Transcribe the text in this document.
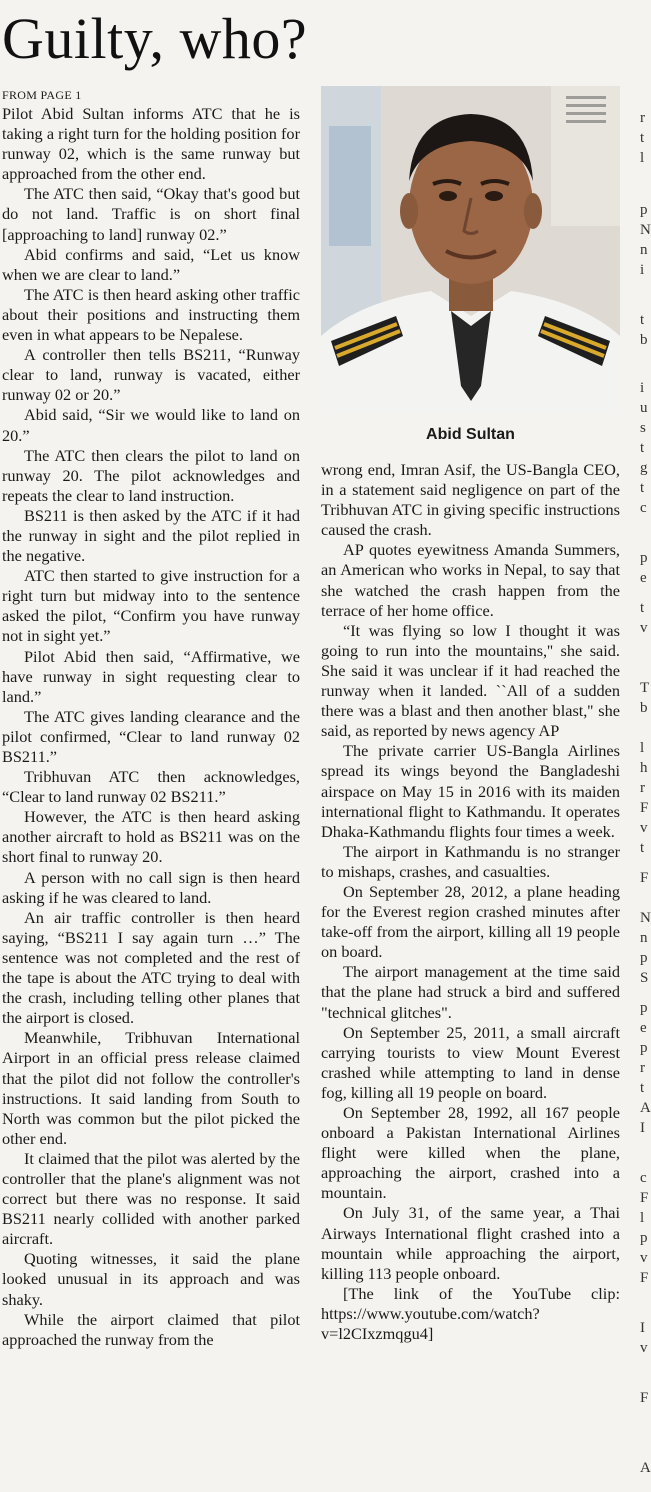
Guilty, who?
FROM PAGE 1

Pilot Abid Sultan informs ATC that he is taking a right turn for the holding position for runway 02, which is the same runway but approached from the other end.

The ATC then said, “Okay that's good but do not land. Traffic is on short final [approaching to land] runway 02.”

Abid confirms and said, “Let us know when we are clear to land.”

The ATC is then heard asking other traffic about their positions and instructing them even in what appears to be Nepalese.

A controller then tells BS211, “Runway clear to land, runway is vacated, either runway 02 or 20.”

Abid said, “Sir we would like to land on 20.”

The ATC then clears the pilot to land on runway 20. The pilot acknowledges and repeats the clear to land instruction.

BS211 is then asked by the ATC if it had the runway in sight and the pilot replied in the negative.

ATC then started to give instruction for a right turn but midway into to the sentence asked the pilot, “Confirm you have runway not in sight yet.”

Pilot Abid then said, “Affirmative, we have runway in sight requesting clear to land.”

The ATC gives landing clearance and the pilot confirmed, “Clear to land runway 02 BS211.”

Tribhuvan ATC then acknowledges, “Clear to land runway 02 BS211.”

However, the ATC is then heard asking another aircraft to hold as BS211 was on the short final to runway 20.

A person with no call sign is then heard asking if he was cleared to land.

An air traffic controller is then heard saying, “BS211 I say again turn …” The sentence was not completed and the rest of the tape is about the ATC trying to deal with the crash, including telling other planes that the airport is closed.

Meanwhile, Tribhuvan International Airport in an official press release claimed that the pilot did not follow the controller's instructions. It said landing from South to North was common but the pilot picked the other end.

It claimed that the pilot was alerted by the controller that the plane's alignment was not correct but there was no response. It said BS211 nearly collided with another parked aircraft.

Quoting witnesses, it said the plane looked unusual in its approach and was shaky.

While the airport claimed that pilot approached the runway from the

Abid Sultan

wrong end, Imran Asif, the US-Bangla CEO, in a statement said negligence on part of the Tribhuvan ATC in giving specific instructions caused the crash.

AP quotes eyewitness Amanda Summers, an American who works in Nepal, to say that she watched the crash happen from the terrace of her home office.

“It was flying so low I thought it was going to run into the mountains,'' she said. She said it was unclear if it had reached the runway when it landed. ``All of a sudden there was a blast and then another blast,'' she said, as reported by news agency AP

The private carrier US-Bangla Airlines spread its wings beyond the Bangladeshi airspace on May 15 in 2016 with its maiden international flight to Kathmandu. It operates Dhaka-Kathmandu flights four times a week.

The airport in Kathmandu is no stranger to mishaps, crashes, and casualties.

On September 28, 2012, a plane heading for the Everest region crashed minutes after take-off from the airport, killing all 19 people on board.

The airport management at the time said that the plane had struck a bird and suffered "technical glitches".

On September 25, 2011, a small aircraft carrying tourists to view Mount Everest crashed while attempting to land in dense fog, killing all 19 people on board.

On September 28, 1992, all 167 people onboard a Pakistan International Airlines flight were killed when the plane, approaching the airport, crashed into a mountain.

On July 31, of the same year, a Thai Airways International flight crashed into a mountain while approaching the airport, killing 113 people onboard.

[The link of the YouTube clip: https://www.youtube.com/watch?v=l2CIxzmqgu4]

r
t
l
p
N
n
i
t
b
i
u
s
t
g
t
c
p
e
t
v
T
b
l
h
r
F
v
t
F
N
n
p
S
p
e
p
r
t
A
I
c
F
l
p
v
F
I
v
F
A
